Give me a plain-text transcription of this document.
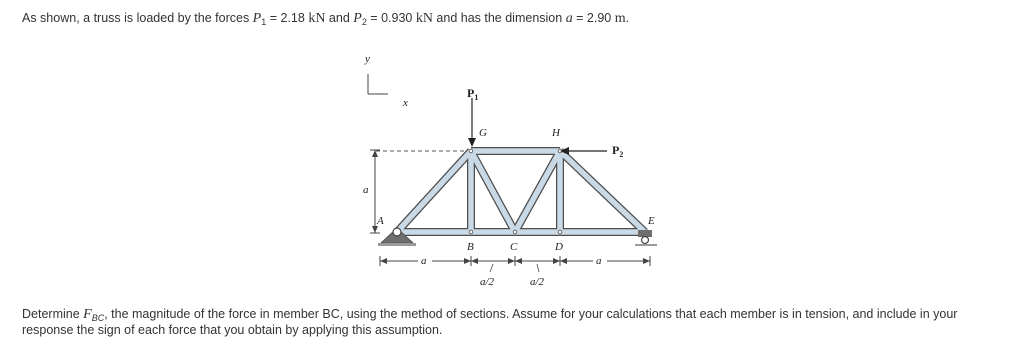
As shown, a truss is loaded by the forces $P_1 = 2.18$ kN and $P_2 = 0.930$ kN and has the dimension a = 2.90 m.
y
x
a
$P_1$
$P_2$
G	H
A
B	C	D
E
a	a
a/2	a/2
Determine $F_{BC}$, the magnitude of the force in member BC, using the method of sections. Assume for your calculations that each member is in tension, and include in your
response the sign of each force that you obtain by applying this assumption.
